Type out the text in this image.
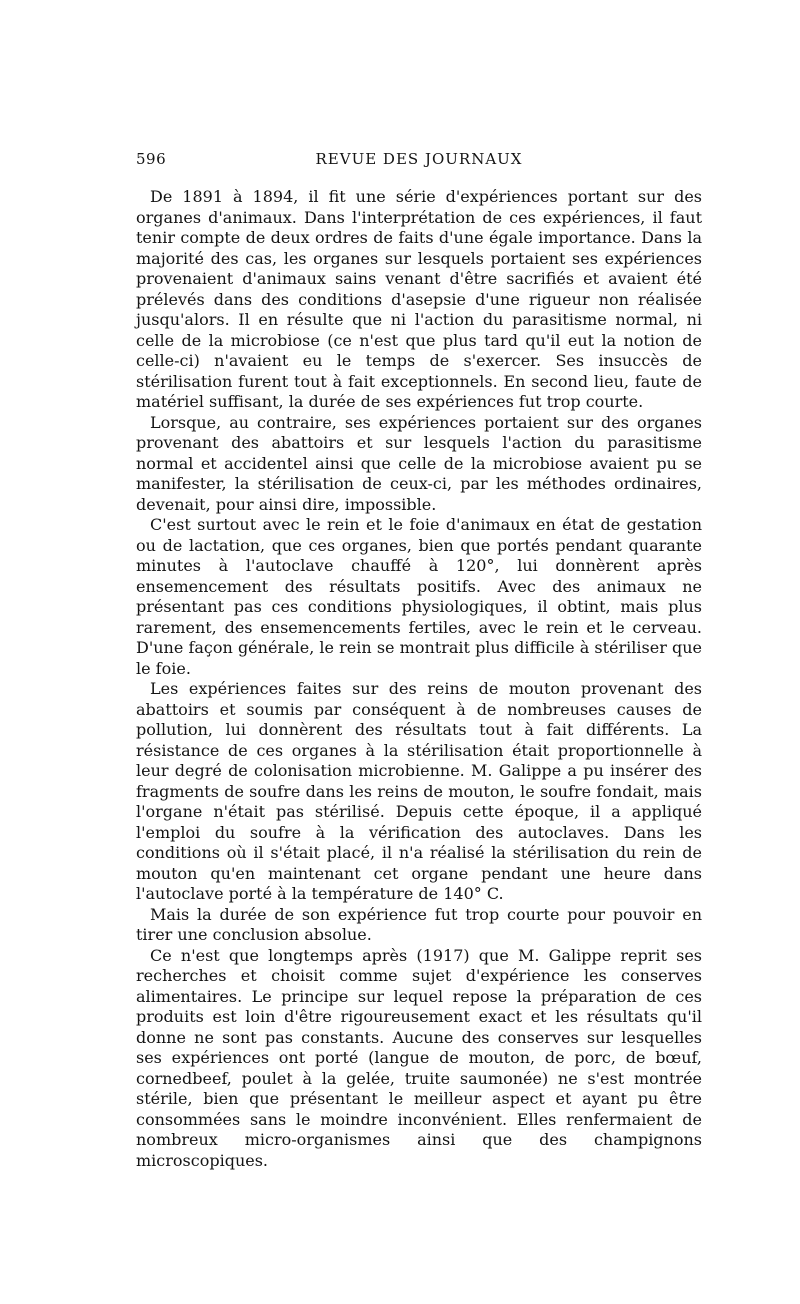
596	REVUE DES JOURNAUX

De 1891 à 1894, il fit une série d'expériences portant sur des organes d'animaux. Dans l'interprétation de ces expériences, il faut tenir compte de deux ordres de faits d'une égale importance. Dans la majorité des cas, les organes sur lesquels portaient ses expériences provenaient d'animaux sains venant d'être sacrifiés et avaient été prélevés dans des conditions d'asepsie d'une rigueur non réalisée jusqu'alors. Il en résulte que ni l'action du parasitisme normal, ni celle de la microbiose (ce n'est que plus tard qu'il eut la notion de celle-ci) n'avaient eu le temps de s'exercer. Ses insuccès de stérilisation furent tout à fait exceptionnels. En second lieu, faute de matériel suffisant, la durée de ses expériences fut trop courte.

Lorsque, au contraire, ses expériences portaient sur des organes provenant des abattoirs et sur lesquels l'action du parasitisme normal et accidentel ainsi que celle de la microbiose avaient pu se manifester, la stérilisation de ceux-ci, par les méthodes ordinaires, devenait, pour ainsi dire, impossible.

C'est surtout avec le rein et le foie d'animaux en état de gestation ou de lactation, que ces organes, bien que portés pendant quarante minutes à l'autoclave chauffé à 120°, lui donnèrent après ensemencement des résultats positifs. Avec des animaux ne présentant pas ces conditions physiologiques, il obtint, mais plus rarement, des ensemencements fertiles, avec le rein et le cerveau. D'une façon générale, le rein se montrait plus difficile à stériliser que le foie.

Les expériences faites sur des reins de mouton provenant des abattoirs et soumis par conséquent à de nombreuses causes de pollution, lui donnèrent des résultats tout à fait différents. La résistance de ces organes à la stérilisation était proportionnelle à leur degré de colonisation microbienne. M. Galippe a pu insérer des fragments de soufre dans les reins de mouton, le soufre fondait, mais l'organe n'était pas stérilisé. Depuis cette époque, il a appliqué l'emploi du soufre à la vérification des autoclaves. Dans les conditions où il s'était placé, il n'a réalisé la stérilisation du rein de mouton qu'en maintenant cet organe pendant une heure dans l'autoclave porté à la température de 140° C.

Mais la durée de son expérience fut trop courte pour pouvoir en tirer une conclusion absolue.

Ce n'est que longtemps après (1917) que M. Galippe reprit ses recherches et choisit comme sujet d'expérience les conserves alimentaires. Le principe sur lequel repose la préparation de ces produits est loin d'être rigoureusement exact et les résultats qu'il donne ne sont pas constants. Aucune des conserves sur lesquelles ses expériences ont porté (langue de mouton, de porc, de bœuf, cornedbeef, poulet à la gelée, truite saumonée) ne s'est montrée stérile, bien que présentant le meilleur aspect et ayant pu être consommées sans le moindre inconvénient. Elles renfermaient de nombreux micro-organismes ainsi que des champignons microscopiques.
